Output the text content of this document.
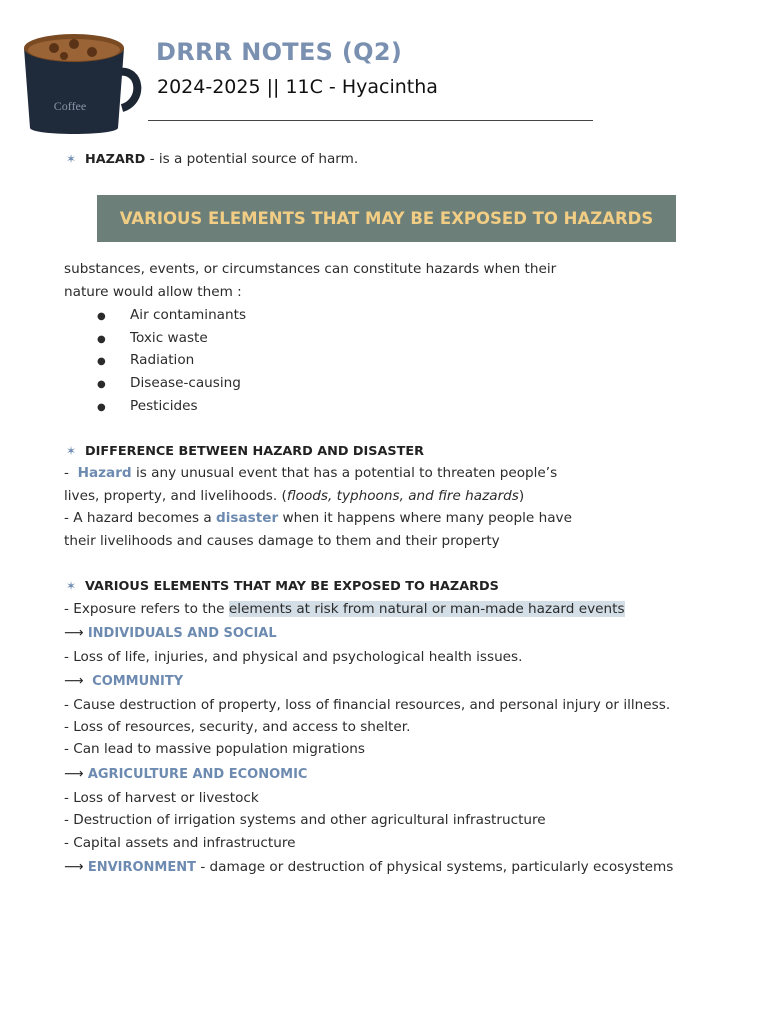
Coffee
DRRR NOTES (Q2)
2024-2025 || 11C - Hyacintha
✶ HAZARD - is a potential source of harm.
VARIOUS ELEMENTS THAT MAY BE EXPOSED TO HAZARDS
substances, events, or circumstances can constitute hazards when their
nature would allow them :
● Air contaminants
● Toxic waste
● Radiation
● Disease-causing
● Pesticides
✶ DIFFERENCE BETWEEN HAZARD AND DISASTER
-  Hazard is any unusual event that has a potential to threaten people’s
lives, property, and livelihoods. (floods, typhoons, and fire hazards)
- A hazard becomes a disaster when it happens where many people have
their livelihoods and causes damage to them and their property
✶ VARIOUS ELEMENTS THAT MAY BE EXPOSED TO HAZARDS
- Exposure refers to the elements at risk from natural or man-made hazard events
⟶ INDIVIDUALS AND SOCIAL
- Loss of life, injuries, and physical and psychological health issues.
⟶ COMMUNITY
- Cause destruction of property, loss of financial resources, and personal injury or illness.
- Loss of resources, security, and access to shelter.
- Can lead to massive population migrations
⟶ AGRICULTURE AND ECONOMIC
- Loss of harvest or livestock
- Destruction of irrigation systems and other agricultural infrastructure
- Capital assets and infrastructure
⟶ ENVIRONMENT - damage or destruction of physical systems, particularly ecosystems
